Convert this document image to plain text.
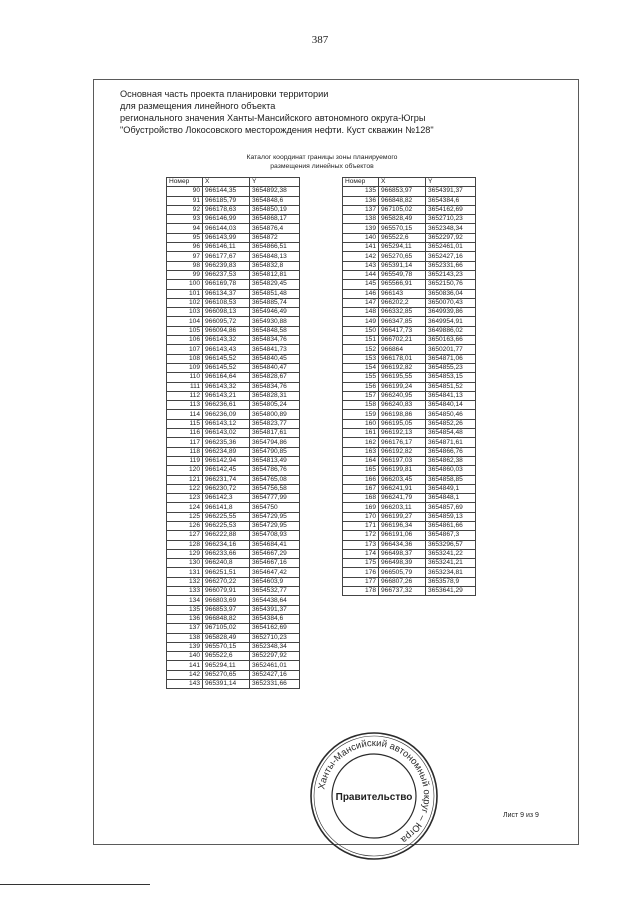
387
Основная часть проекта планировки территории
для размещения линейного объекта
регионального значения Ханты-Мансийского автономного округа-Югры
"Обустройство Локосовского месторождения нефти. Куст скважин №128"
Каталог координат границы зоны планируемого
размещения линейных объектов
Номер	X	Y
90	966144,35	3654892,38
91	966185,79	3654848,6
92	966178,63	3654850,19
93	966146,99	3654868,17
94	966144,03	3654876,4
95	966143,99	3654872
96	966146,11	3654866,51
97	966177,67	3654848,13
98	966239,83	3654832,8
99	966237,53	3654812,81
100	966169,78	3654829,45
101	966134,37	3654851,48
102	966108,53	3654885,74
103	966098,13	3654946,49
104	966095,72	3654930,88
105	966094,86	3654848,58
106	966143,32	3654834,76
107	966143,43	3654841,73
108	966145,52	3654840,45
109	966145,52	3654840,47
110	966164,64	3654828,67
111	966143,32	3654834,76
112	966143,21	3654828,31
113	966236,61	3654805,24
114	966236,09	3654800,89
115	966143,12	3654823,77
116	966143,02	3654817,61
117	966235,36	3654794,86
118	966234,89	3654790,85
119	966142,94	3654813,49
120	966142,45	3654786,76
121	966231,74	3654765,08
122	966230,72	3654756,58
123	966142,3	3654777,99
124	966141,8	3654750
125	966225,55	3654729,95
126	966225,53	3654729,95
127	966222,88	3654708,93
128	966234,16	3654684,41
129	966233,66	3654667,29
130	966240,8	3654667,16
131	966251,51	3654647,42
132	966270,22	3654603,9
133	966079,91	3654532,77
134	966803,69	3654438,64
135	966853,97	3654391,37
136	966848,82	3654384,6
137	967105,02	3654162,69
138	965828,49	3652710,23
139	965570,15	3652348,34
140	965522,6	3652297,92
141	965294,11	3652461,01
142	965270,65	3652427,16
143	965391,14	3652331,66
Номер	X	Y
135	966853,97	3654391,37
136	966848,82	3654384,6
137	967105,02	3654162,69
138	965828,49	3652710,23
139	965570,15	3652348,34
140	965522,6	3652297,92
141	965294,11	3652461,01
142	965270,65	3652427,16
143	965391,14	3652331,66
144	965549,78	3652143,23
145	965566,91	3652150,76
146	966143	3650836,04
147	966202,2	3650070,43
148	966332,85	3649939,86
149	966347,85	3649954,91
150	966417,73	3649886,02
151	966702,21	3650163,66
152	966864	3650201,77
153	966178,01	3654871,06
154	966192,82	3654855,23
155	966195,55	3654853,15
156	966199,24	3654851,52
157	966240,95	3654841,13
158	966240,83	3654840,14
159	966198,86	3654850,46
160	966195,05	3654852,26
161	966192,13	3654854,48
162	966176,17	3654871,61
163	966192,82	3654866,76
164	966197,03	3654862,38
165	966199,81	3654860,03
166	966203,45	3654858,85
167	966241,91	3654849,1
168	966241,79	3654848,1
169	966203,11	3654857,69
170	966199,27	3654859,13
171	966196,34	3654861,66
172	966191,06	3654867,3
173	966434,36	3653296,57
174	966498,37	3653241,22
175	966498,39	3653241,21
176	966505,79	3653234,81
177	966807,26	3653578,9
178	966737,32	3653641,29
Лист 9 из 9
Ханты-Мансийский автономный округ – Югра
Правительство
